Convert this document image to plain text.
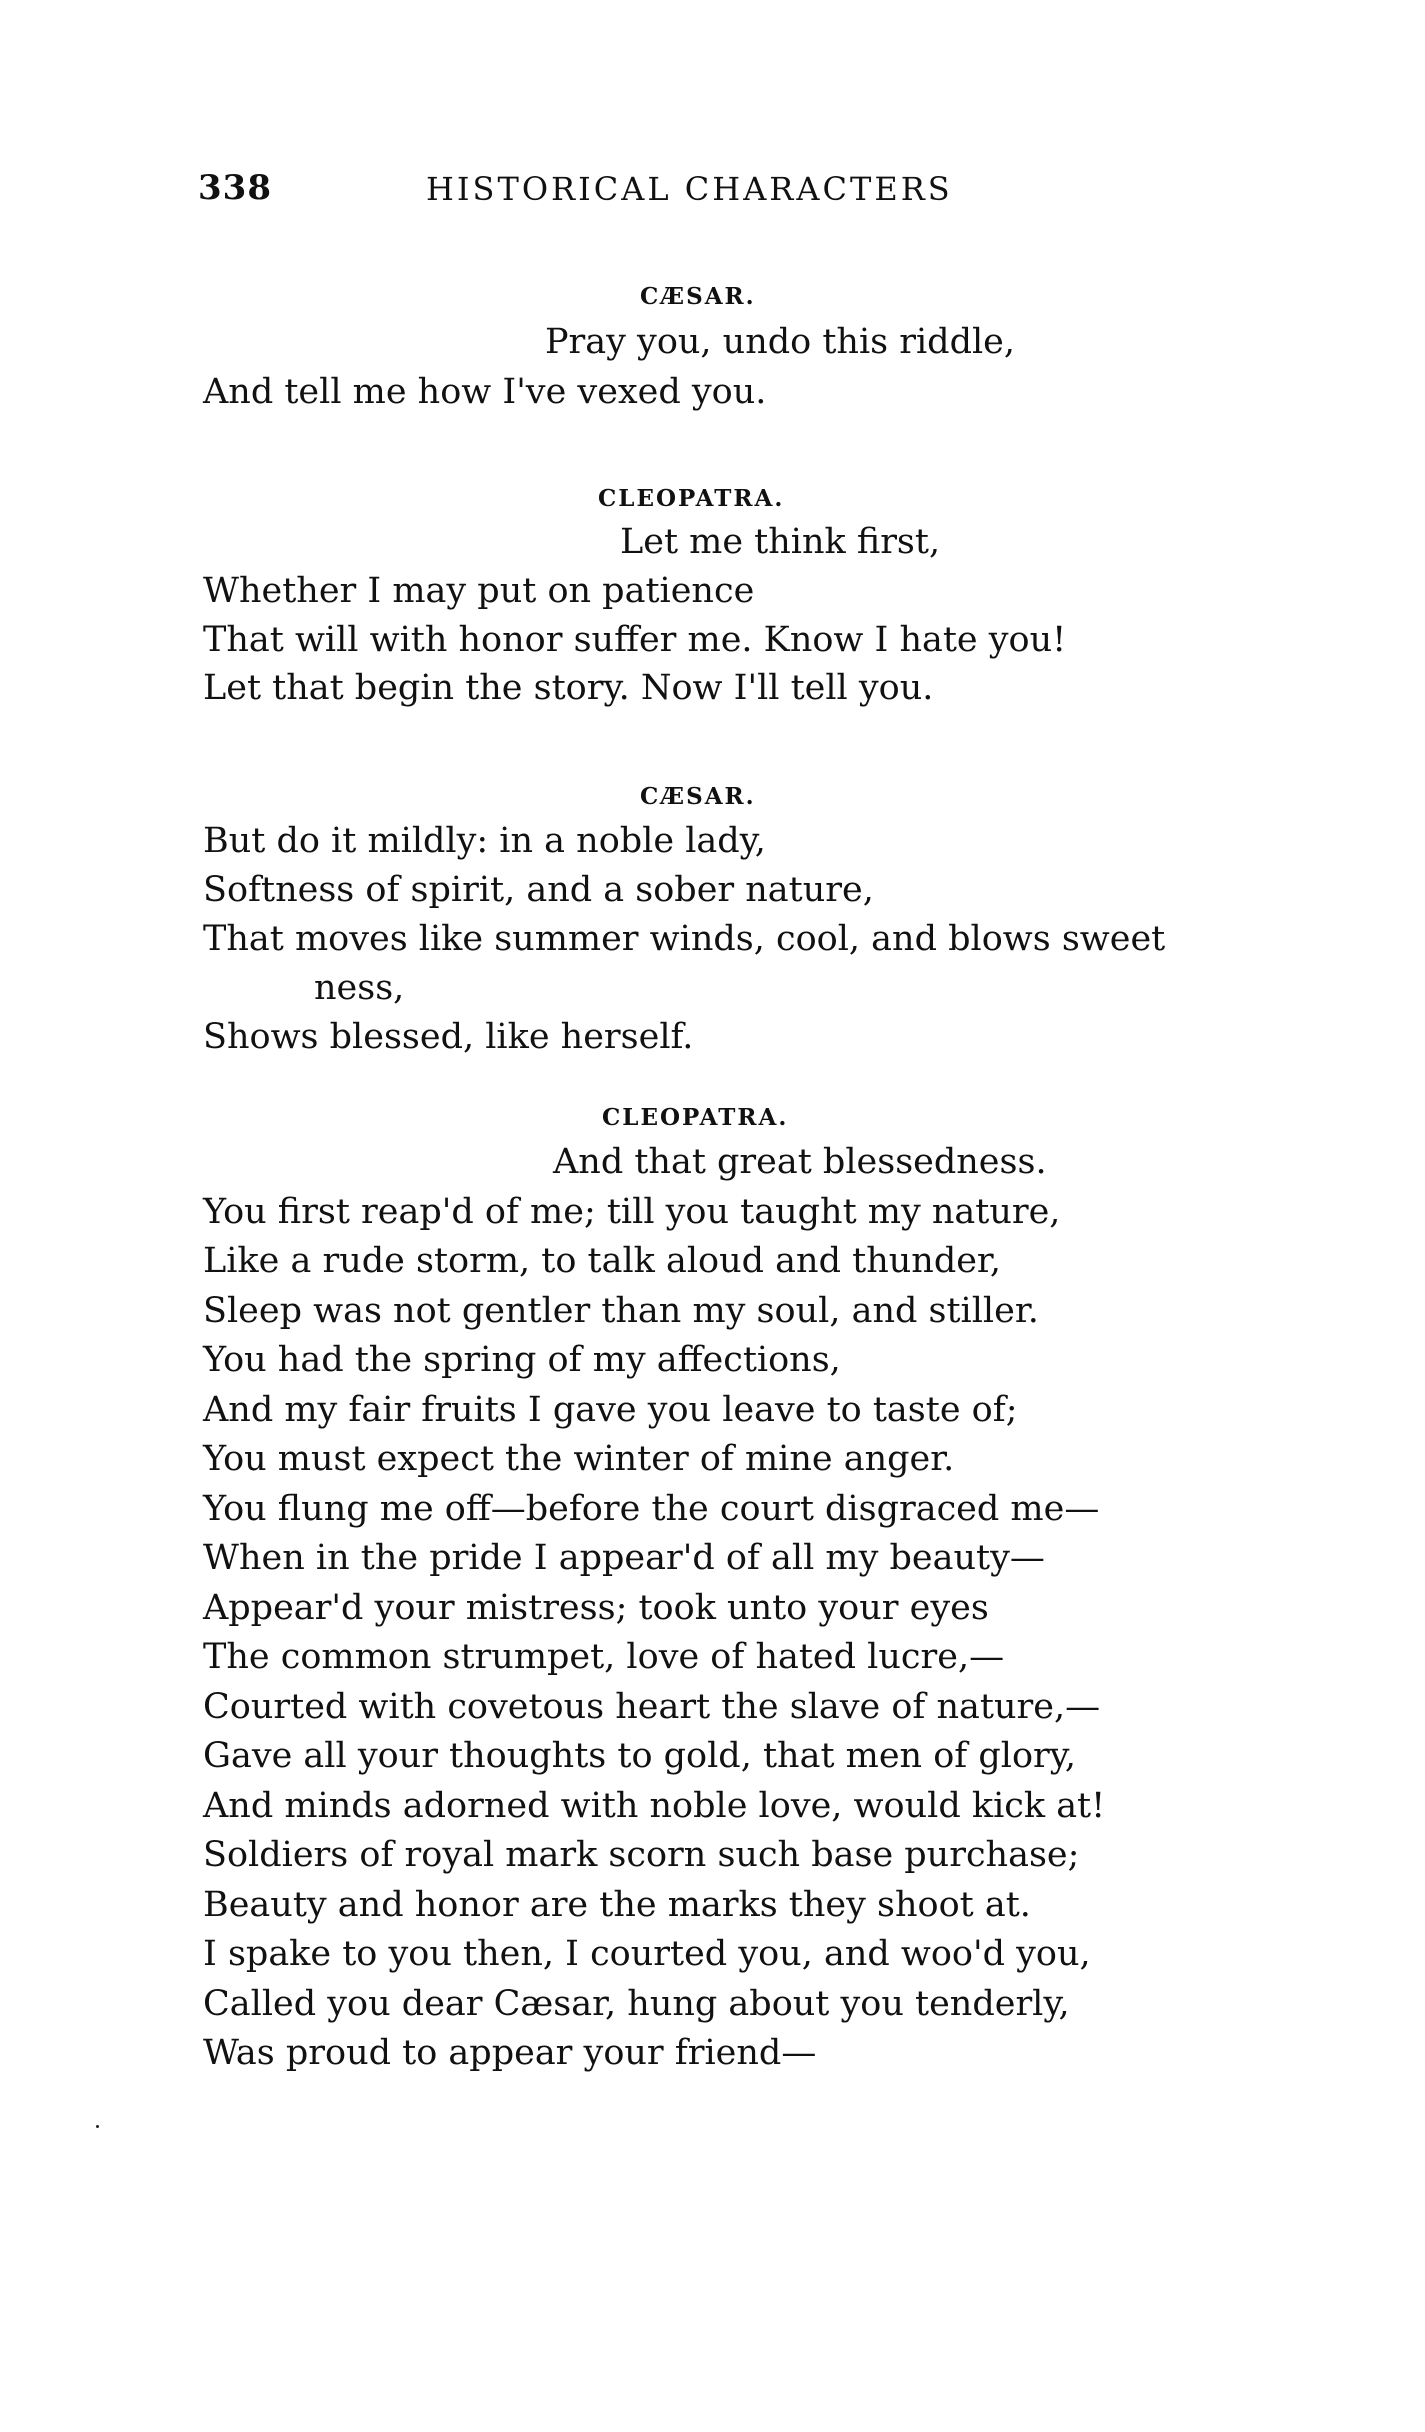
338	HISTORICAL CHARACTERS
CÆSAR.
Pray you, undo this riddle,
And tell me how I've vexed you.
CLEOPATRA.
Let me think first,
Whether I may put on patience
That will with honor suffer me. Know I hate you!
Let that begin the story. Now I'll tell you.
CÆSAR.
But do it mildly: in a noble lady,
Softness of spirit, and a sober nature,
That moves like summer winds, cool, and blows sweet
ness,
Shows blessed, like herself.
CLEOPATRA.
And that great blessedness.
You first reap'd of me; till you taught my nature,
Like a rude storm, to talk aloud and thunder,
Sleep was not gentler than my soul, and stiller.
You had the spring of my affections,
And my fair fruits I gave you leave to taste of;
You must expect the winter of mine anger.
You flung me off—before the court disgraced me—
When in the pride I appear'd of all my beauty—
Appear'd your mistress; took unto your eyes
The common strumpet, love of hated lucre,—
Courted with covetous heart the slave of nature,—
Gave all your thoughts to gold, that men of glory,
And minds adorned with noble love, would kick at!
Soldiers of royal mark scorn such base purchase;
Beauty and honor are the marks they shoot at.
I spake to you then, I courted you, and woo'd you,
Called you dear Cæsar, hung about you tenderly,
Was proud to appear your friend—
